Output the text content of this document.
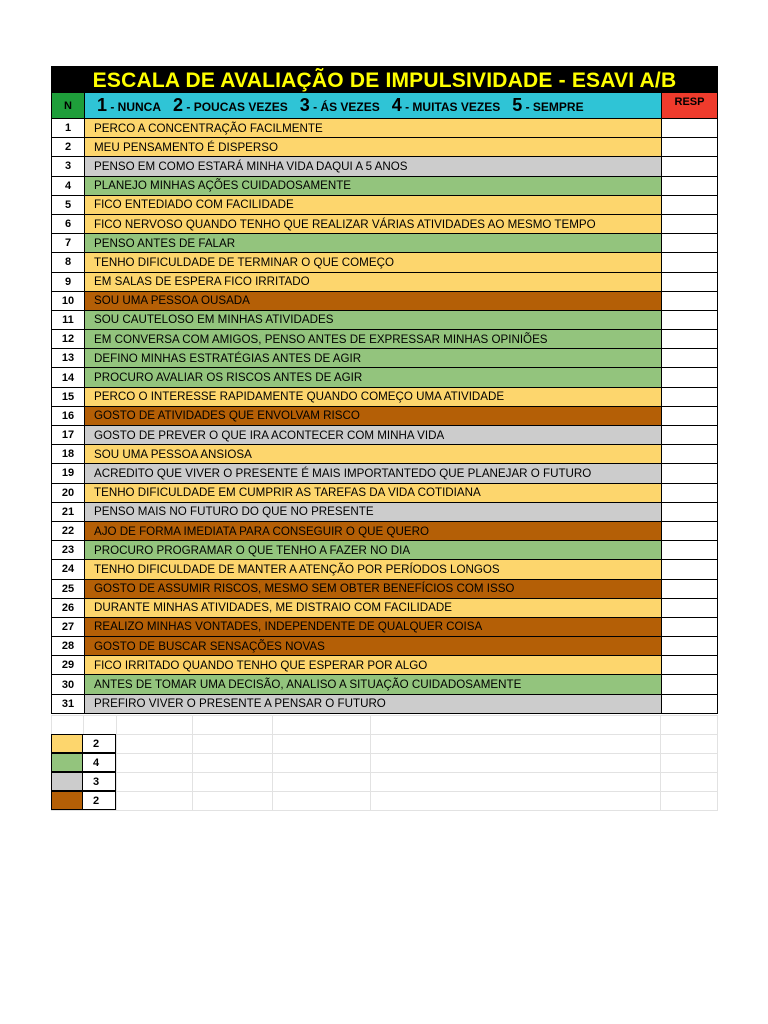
ESCALA DE AVALIAÇÃO DE IMPULSIVIDADE - ESAVI A/B
N	1 - NUNCA 2 - POUCAS VEZES 3 - ÁS VEZES 4 - MUITAS VEZES 5 - SEMPRE	RESP
1	PERCO A CONCENTRAÇÃO FACILMENTE
2	MEU PENSAMENTO É DISPERSO
3	PENSO EM COMO ESTARÁ MINHA VIDA DAQUI A 5 ANOS
4	PLANEJO MINHAS AÇÕES CUIDADOSAMENTE
5	FICO ENTEDIADO COM FACILIDADE
6	FICO NERVOSO QUANDO TENHO QUE REALIZAR VÁRIAS ATIVIDADES AO MESMO TEMPO
7	PENSO ANTES DE FALAR
8	TENHO DIFICULDADE DE TERMINAR O QUE COMEÇO
9	EM SALAS DE ESPERA FICO IRRITADO
10	SOU UMA PESSOA OUSADA
11	SOU CAUTELOSO EM MINHAS ATIVIDADES
12	EM CONVERSA COM AMIGOS, PENSO ANTES DE EXPRESSAR MINHAS OPINIÕES
13	DEFINO MINHAS ESTRATÉGIAS ANTES DE AGIR
14	PROCURO AVALIAR OS RISCOS ANTES DE AGIR
15	PERCO O INTERESSE RAPIDAMENTE QUANDO COMEÇO UMA ATIVIDADE
16	GOSTO DE ATIVIDADES QUE ENVOLVAM RISCO
17	GOSTO DE PREVER O QUE IRA ACONTECER COM MINHA VIDA
18	SOU UMA PESSOA ANSIOSA
19	ACREDITO QUE VIVER O PRESENTE É MAIS IMPORTANTEDO QUE PLANEJAR O FUTURO
20	TENHO DIFICULDADE EM CUMPRIR AS TAREFAS DA VIDA COTIDIANA
21	PENSO MAIS NO FUTURO DO QUE NO PRESENTE
22	AJO DE FORMA IMEDIATA PARA CONSEGUIR O QUE QUERO
23	PROCURO PROGRAMAR O QUE TENHO A FAZER NO DIA
24	TENHO DIFICULDADE DE MANTER A ATENÇÃO POR PERÍODOS LONGOS
25	GOSTO DE ASSUMIR RISCOS, MESMO SEM OBTER BENEFÍCIOS COM ISSO
26	DURANTE MINHAS ATIVIDADES, ME DISTRAIO COM FACILIDADE
27	REALIZO MINHAS VONTADES, INDEPENDENTE DE QUALQUER COISA
28	GOSTO DE BUSCAR SENSAÇÕES NOVAS
29	FICO IRRITADO QUANDO TENHO QUE ESPERAR POR ALGO
30	ANTES DE TOMAR UMA DECISÃO, ANALISO A SITUAÇÃO CUIDADOSAMENTE
31	PREFIRO VIVER O PRESENTE A PENSAR O FUTURO
2
4
3
2
